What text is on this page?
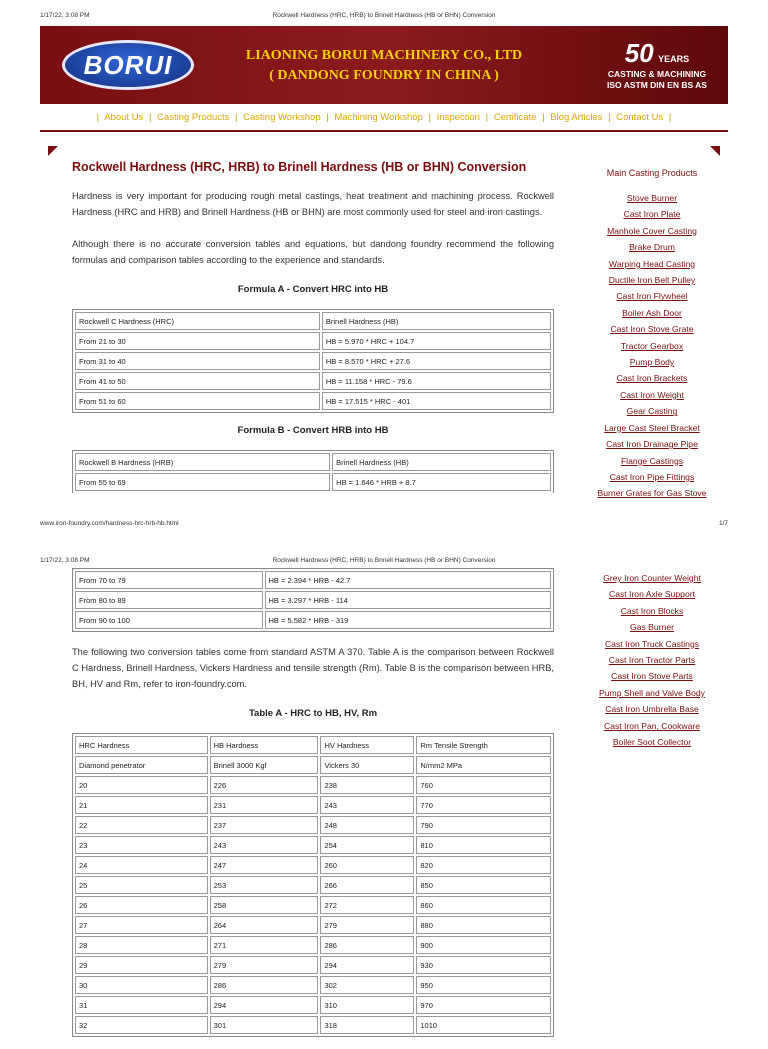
1/17/22, 3:08 PM	Rockwell Hardness (HRC, HRB) to Brinell Hardness (HB or BHN) Conversion
BORUI	LIAONING BORUI MACHINERY CO., LTD
( DANDONG FOUNDRY IN CHINA )
50 YEARS
CASTING & MACHINING
ISO ASTM DIN EN BS AS
| About Us | Casting Products | Casting Workshop | Machining Workshop | Inspection | Certificate | Blog Articles | Contact Us |
Rockwell Hardness (HRC, HRB) to Brinell Hardness (HB or BHN) Conversion

Hardness is very important for producing rough metal castings, heat treatment and machining process. Rockwell Hardness (HRC and HRB) and Brinell Hardness (HB or BHN) are most commonly used for steel and iron castings.

Although there is no accurate conversion tables and equations, but dandong foundry recommend the following formulas and comparison tables according to the experience and standards.

Formula A - Convert HRC into HB
Rockwell C Hardness (HRC)	Brinell Hardness (HB)
From 21 to 30	HB = 5.970 * HRC + 104.7
From 31 to 40	HB = 8.570 * HRC + 27.6
From 41 to 50	HB = 11.158 * HRC - 79.6
From 51 to 60	HB = 17.515 * HRC - 401
Formula B - Convert HRB into HB
Rockwell B Hardness (HRB)	Brinell Hardness (HB)
From 55 to 69	HB = 1.646 * HRB + 8.7
Main Casting Products
Stove Burner
Cast Iron Plate
Manhole Cover Casting
Brake Drum
Warping Head Casting
Ductile Iron Belt Pulley
Cast Iron Flywheel
Boiler Ash Door
Cast Iron Stove Grate
Tractor Gearbox
Pump Body
Cast Iron Brackets
Cast Iron Weight
Gear Casting
Large Cast Steel Bracket
Cast Iron Drainage Pipe
Flange Castings
Cast Iron Pipe Fittings
Burner Grates for Gas Stove
www.iron-foundry.com/hardness-hrc-hrb-hb.html	1/7
1/17/22, 3:08 PM	Rockwell Hardness (HRC, HRB) to Brinell Hardness (HB or BHN) Conversion
From 70 to 79	HB = 2.394 * HRB - 42.7
From 80 to 89	HB = 3.297 * HRB - 114
From 90 to 100	HB = 5.582 * HRB - 319

The following two conversion tables come from standard ASTM A 370. Table A is the comparison between Rockwell C Hardness, Brinell Hardness, Vickers Hardness and tensile strength (Rm). Table B is the comparison between HRB, BH, HV and Rm, refer to iron-foundry.com.

Table A - HRC to HB, HV, Rm
HRC Hardness	HB Hardness	HV Hardness	Rm Tensile Strength
Diamond penetrator	Brinell 3000 Kgf	Vickers 30	N/mm2 MPa
20	226	238	760
21	231	243	770
22	237	248	790
23	243	254	810
24	247	260	820
25	253	266	850
26	258	272	860
27	264	279	880
28	271	286	900
29	279	294	930
30	286	302	950
31	294	310	970
32	301	318	1010
Grey Iron Counter Weight
Cast Iron Axle Support
Cast Iron Blocks
Gas Burner
Cast Iron Truck Castings
Cast Iron Tractor Parts
Cast Iron Stove Parts
Pump Shell and Valve Body
Cast Iron Umbrella Base
Cast Iron Pan, Cookware
Boiler Soot Collector
